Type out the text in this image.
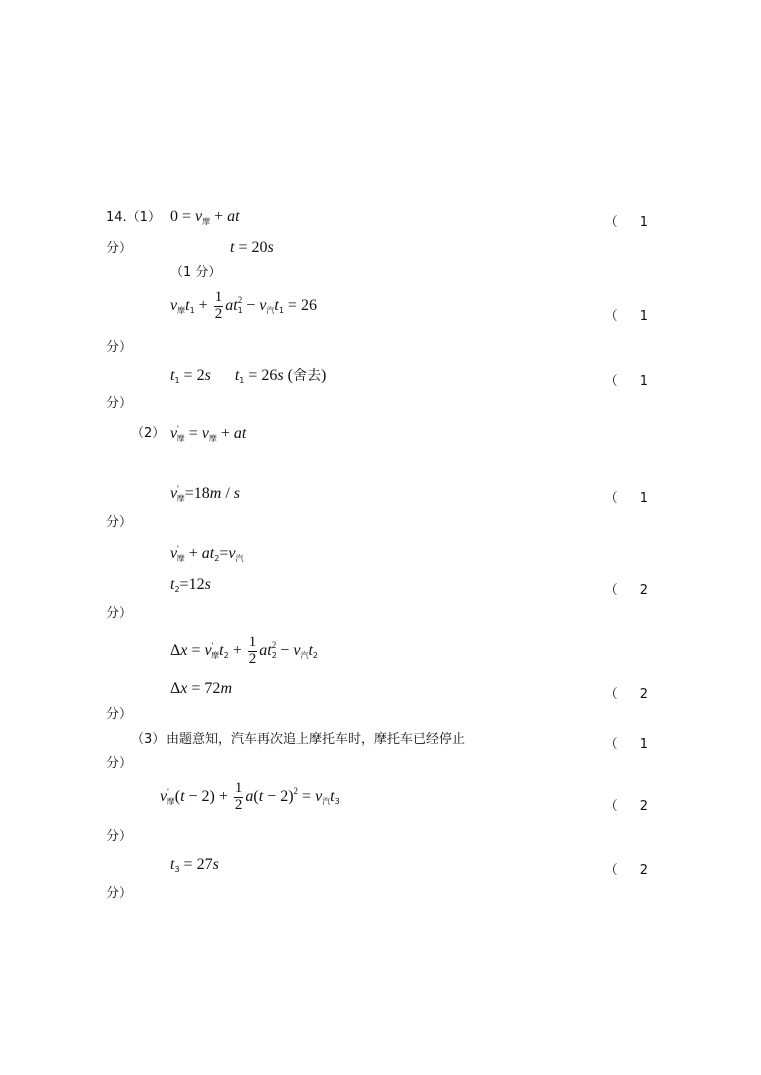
14.（1） $0 = v_摩$ + at	（ 1
分）	t = 20s
（1 分）
$v_摩t_1 + \frac{1}{2} at_1^2 - v_汽t_1 = 26$
（ 1
分）
$t_1 = 2s$ $t_1 = 26s$ (舍去)	（ 1
分）
（2） $v'_摩 = v_摩$ + at
$v'_摩=18m / s$	（ 1
分）
$v'_摩 + at_2=v_汽$
$t_2=12s$	（ 2
分）
$\Delta x = v'_摩t_2 + \frac{1}{2} at_2^2 - v_汽t_2$
Δx = 72m	（ 2
分）
（3） 由题意知，汽车再次追上摩托车时，摩托车已经停止	（ 1
分）
$v'_摩(t - 2) + \frac{1}{2} a(t - 2)^2 = v_汽t_3$	（ 2
分）
$t_3 = 27s$	（ 2
分）
